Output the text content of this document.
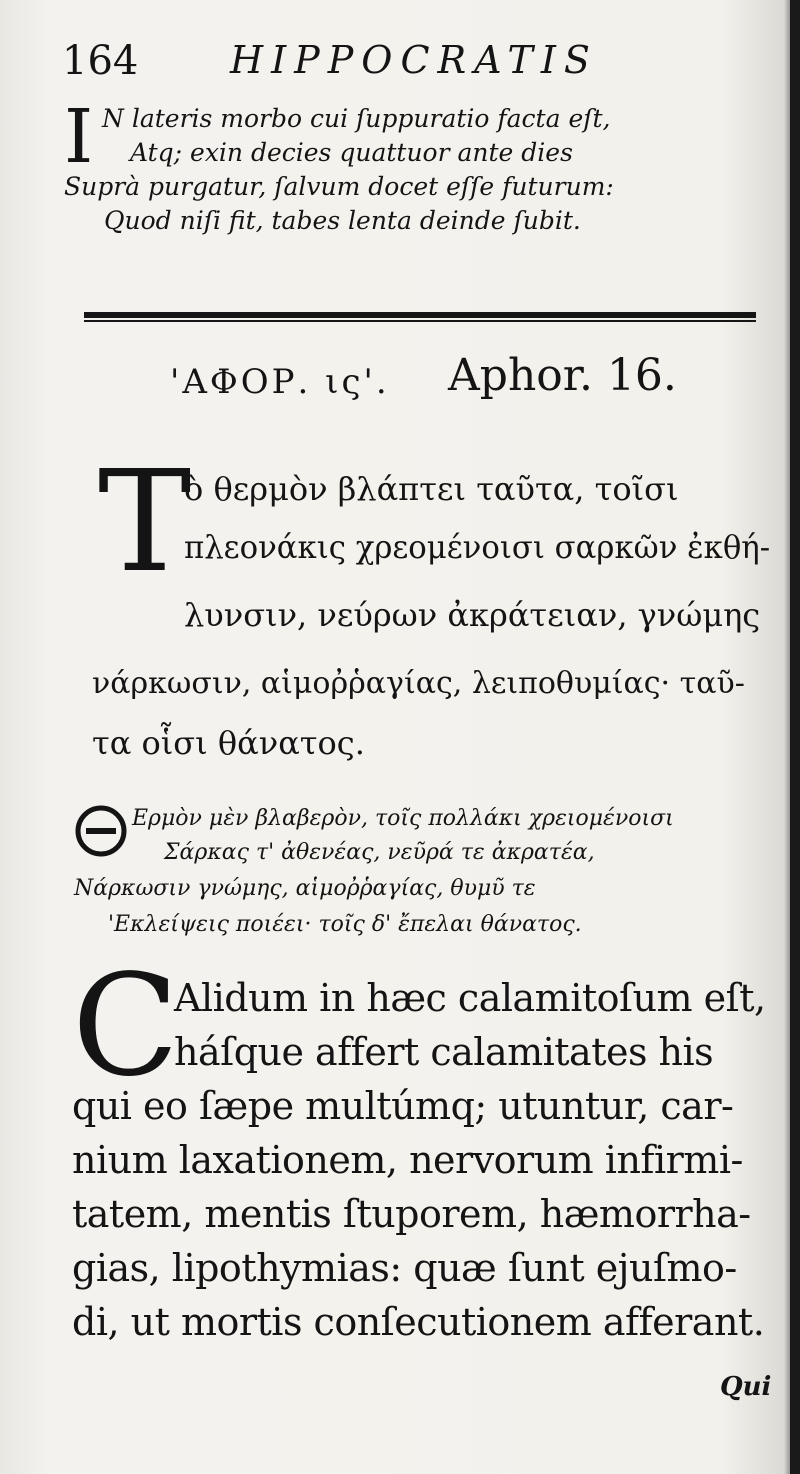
164 HIPPOCRATIS
I N lateris morbo cui ſuppuratio facta eſt,
Atq; exin decies quattuor ante dies
Suprà purgatur, ſalvum docet eſſe futurum:
Quod niſi fit, tabes lenta deinde ſubit.
'ΑΦΟΡ. ις'. Aphor. 16.
T
ὸ θερμὸν βλάπτει ταῦτα, τοῖσι
πλεονάκις χρεομένοισι σαρκῶν ἐκθή-
λυνσιν, νεύρων ἀκράτειαν, γνώμης
νάρκωσιν, αἱμοῤῥαγίας, λειποθυμίας· ταῦ-
τα οἷσι θάνατος.
Ερμὸν μὲν βλαβερὸν, τοῖς πολλάκι χρειομένοισι
Σάρκας τ' ἀθενέας, νεῦρά τε ἀκρατέα,
Νάρκωσιν γνώμης, αἱμοῤῥαγίας, θυμῦ τε
'Εκλείψεις ποιέει· τοῖς δ' ἔπελαι θάνατος.
C
Alidum in hæc calamitoſum eſt,
háſque affert calamitates his
qui eo ſæpe multúmq; utuntur, car-
nium laxationem, nervorum infirmi-
tatem, mentis ſtuporem, hæmorrha-
gias, lipothymias: quæ ſunt ejuſmo-
di, ut mortis conſecutionem afferant.
Qui
